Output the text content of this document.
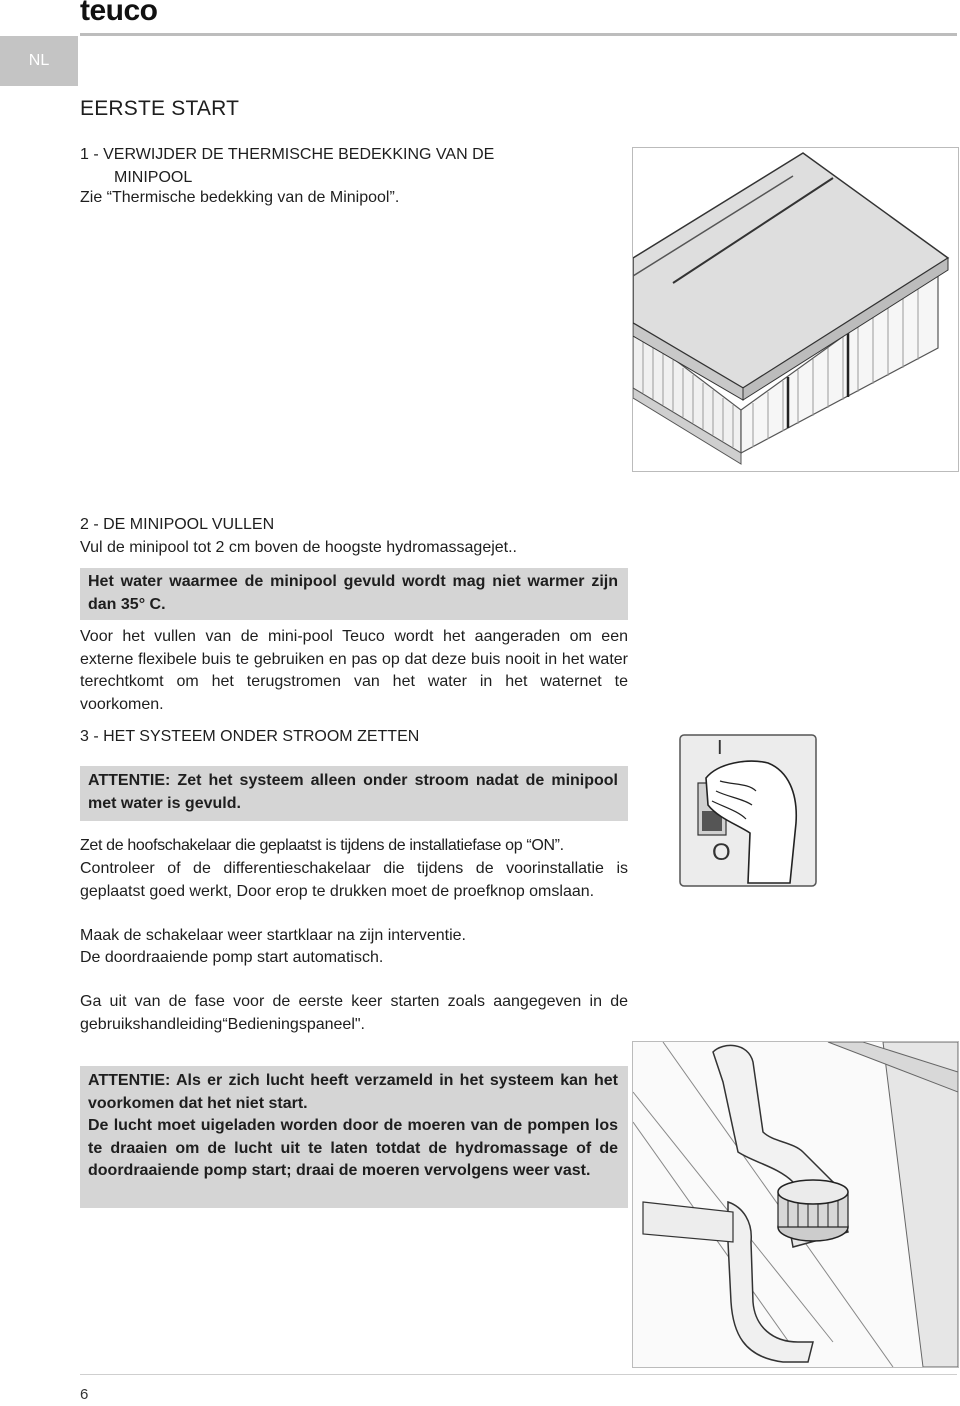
teuco
NL
EERSTE START
1 - VERWIJDER DE THERMISCHE BEDEKKING VAN DE
MINIPOOL
Zie “Thermische bedekking van de Minipool”.
2 - DE MINIPOOL VULLEN
Vul de minipool tot 2 cm boven de hoogste hydromassagejet..
Het water waarmee de minipool gevuld wordt mag niet warmer zijn dan 35° C.
Voor het vullen van de mini-pool Teuco wordt het aangeraden om een externe flexibele buis te gebruiken en pas op dat deze buis nooit in het water terechtkomt om het terugstromen van het water in het waternet te voorkomen.
3 - HET SYSTEEM ONDER STROOM ZETTEN
ATTENTIE: Zet het systeem alleen onder stroom nadat de minipool met water is gevuld.
Zet de hoofschakelaar die geplaatst is tijdens de installatiefase op “ON”.
Controleer of de differentieschakelaar die tijdens de voorinstallatie is geplaatst goed werkt, Door erop te drukken moet de proefknop omslaan.
Maak de schakelaar weer startklaar na zijn interventie.
De doordraaiende pomp start automatisch.
Ga uit van de fase voor de eerste keer starten zoals aangegeven in de gebruikshandleiding“Bedieningspaneel".
I
O
ATTENTIE: Als er zich lucht heeft verzameld in het systeem kan het voorkomen dat het niet start.
De lucht moet uigeladen worden door de moeren van de pompen los te draaien om de lucht uit te laten totdat de hydromassage of de doordraaiende pomp start; draai de moeren vervolgens weer vast.
6
